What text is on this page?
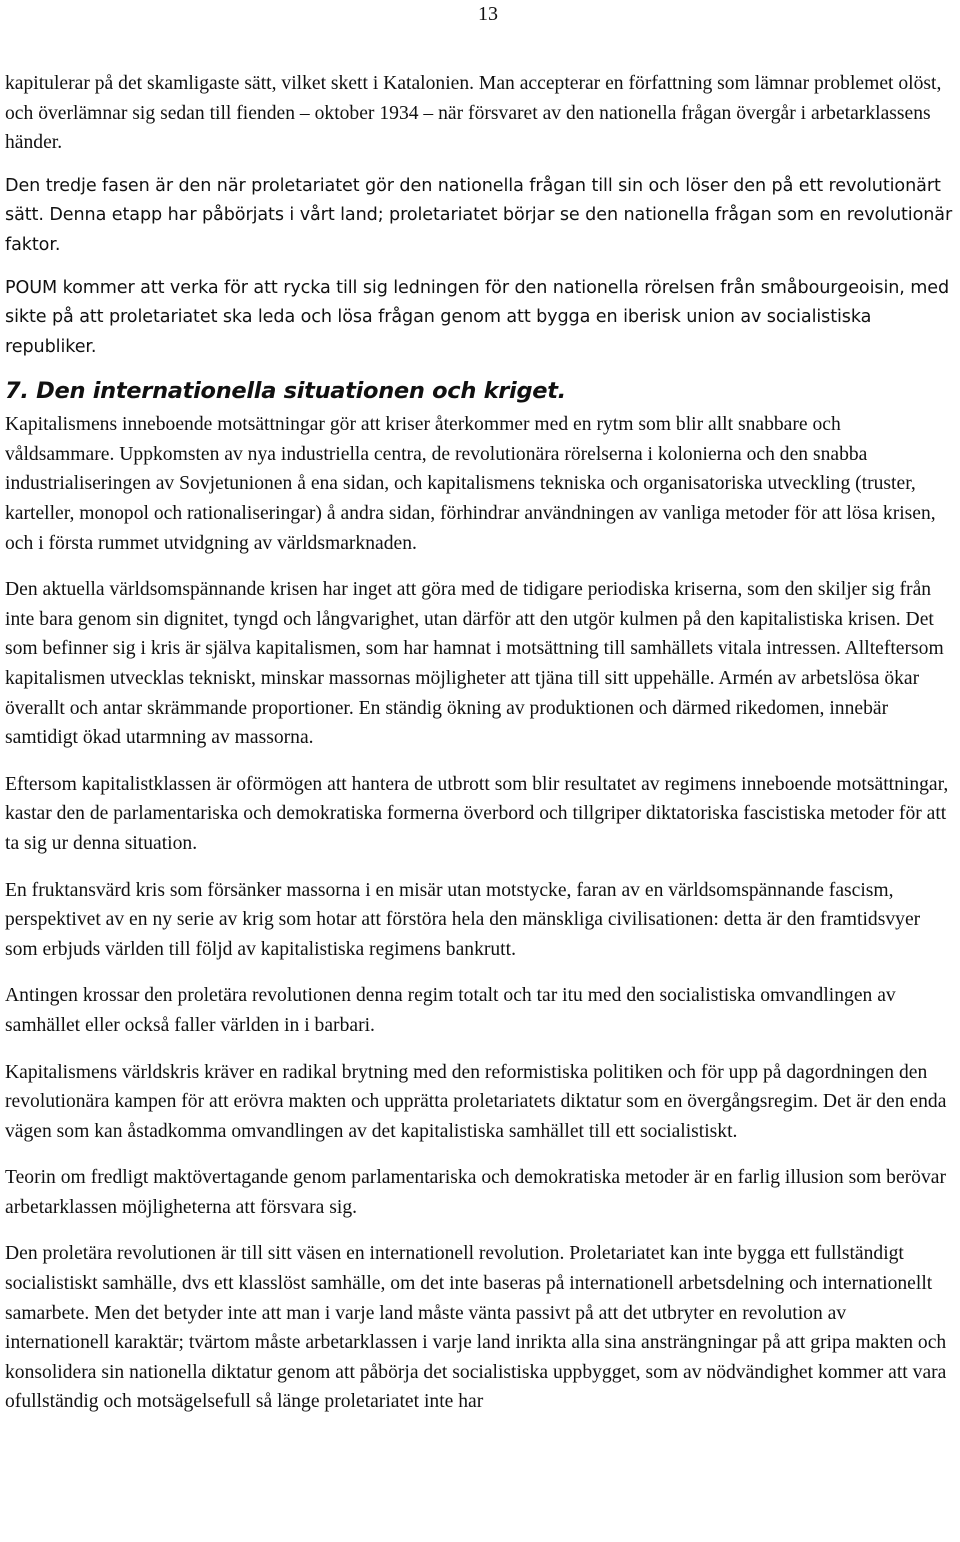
13

kapitulerar på det skamligaste sätt, vilket skett i Katalonien. Man accepterar en författning som lämnar problemet olöst, och överlämnar sig sedan till fienden – oktober 1934 – när försvaret av den nationella frågan övergår i arbetarklassens händer.

Den tredje fasen är den när proletariatet gör den nationella frågan till sin och löser den på ett revolutionärt sätt. Denna etapp har påbörjats i vårt land; proletariatet börjar se den nationella frågan som en revolutionär faktor.

POUM kommer att verka för att rycka till sig ledningen för den nationella rörelsen från småbourgeoisin, med sikte på att proletariatet ska leda och lösa frågan genom att bygga en iberisk union av socialistiska republiker.

7. Den internationella situationen och kriget.

Kapitalismens inneboende motsättningar gör att kriser återkommer med en rytm som blir allt snabbare och våldsammare. Uppkomsten av nya industriella centra, de revolutionära rörelserna i kolonierna och den snabba industrialiseringen av Sovjetunionen å ena sidan, och kapitalismens tekniska och organisatoriska utveckling (truster, karteller, monopol och rationaliseringar) å andra sidan, förhindrar användningen av vanliga metoder för att lösa krisen, och i första rummet utvidgning av världsmarknaden.

Den aktuella världsomspännande krisen har inget att göra med de tidigare periodiska kriserna, som den skiljer sig från inte bara genom sin dignitet, tyngd och långvarighet, utan därför att den utgör kulmen på den kapitalistiska krisen. Det som befinner sig i kris är själva kapitalismen, som har hamnat i motsättning till samhällets vitala intressen. Allteftersom kapitalismen utvecklas tekniskt, minskar massornas möjligheter att tjäna till sitt uppehälle. Armén av arbetslösa ökar överallt och antar skrämmande proportioner. En ständig ökning av produktionen och därmed rikedomen, innebär samtidigt ökad utarmning av massorna.

Eftersom kapitalistklassen är oförmögen att hantera de utbrott som blir resultatet av regimens inneboende motsättningar, kastar den de parlamentariska och demokratiska formerna överbord och tillgriper diktatoriska fascistiska metoder för att ta sig ur denna situation.

En fruktansvärd kris som försänker massorna i en misär utan motstycke, faran av en världsomspännande fascism, perspektivet av en ny serie av krig som hotar att förstöra hela den mänskliga civilisationen: detta är den framtidsvyer som erbjuds världen till följd av kapitalistiska regimens bankrutt.

Antingen krossar den proletära revolutionen denna regim totalt och tar itu med den socialistiska omvandlingen av samhället eller också faller världen in i barbari.

Kapitalismens världskris kräver en radikal brytning med den reformistiska politiken och för upp på dagordningen den revolutionära kampen för att erövra makten och upprätta proletariatets diktatur som en övergångsregim. Det är den enda vägen som kan åstadkomma omvandlingen av det kapitalistiska samhället till ett socialistiskt.

Teorin om fredligt maktövertagande genom parlamentariska och demokratiska metoder är en farlig illusion som berövar arbetarklassen möjligheterna att försvara sig.

Den proletära revolutionen är till sitt väsen en internationell revolution. Proletariatet kan inte bygga ett fullständigt socialistiskt samhälle, dvs ett klasslöst samhälle, om det inte baseras på internationell arbetsdelning och internationellt samarbete. Men det betyder inte att man i varje land måste vänta passivt på att det utbryter en revolution av internationell karaktär; tvärtom måste arbetarklassen i varje land inrikta alla sina ansträngningar på att gripa makten och konsolidera sin nationella diktatur genom att påbörja det socialistiska uppbygget, som av nödvändighet kommer att vara ofullständig och motsägelsefull så länge proletariatet inte har
